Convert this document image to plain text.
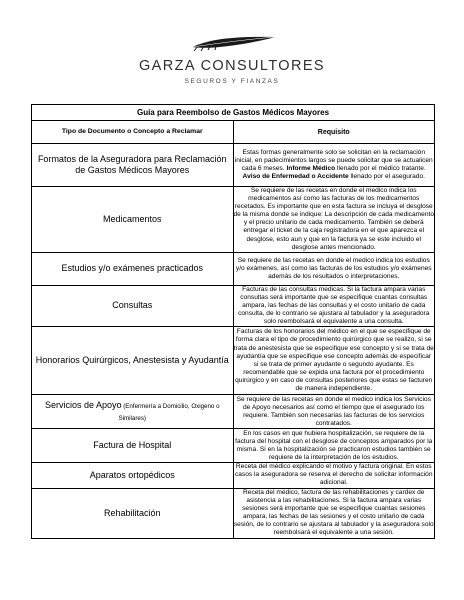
GARZA CONSULTORES
SEGUROS Y FIANZAS
Guía para Reembolso de Gastos Médicos Mayores	
Tipo de Documento o Concepto a Reclamar	Requisito
Formatos de la Aseguradora para Reclamación de Gastos Médicos Mayores	Estas formas generalmente solo se solicitan en la reclamación inicial, en padecimientos largos se puede solicitar que se actualicen cada 6 meses. Informe Médico llenado por el médico tratante. Aviso de Enfermedad o Accidente llenado por el asegurado.
Medicamentos	Se requiere de las recetas en donde el medico indica los medicamentos así como las facturas de los medicamentos recetados. Es importante que en esta factura se incluya el desglose de la misma donde se indique: La descripción de cada medicamento y el precio unitario de cada medicamento. También se deberá entregar el ticket de la caja registradora en el que aparezca el desglose, esto aun y que en la factura ya se este incluido el desglose antes mencionado.
Estudios y/o exámenes practicados	Se requiere de las recetas en donde el medico indica los estudios y/o exámenes, así como las facturas de los estudios y/o exámenes además de los resultados o interpretaciones.
Consultas	Facturas de las consultas medicas. Si la factura ampara varias consultas será importante que se especifique cuantas consultas ampara, las fechas de las consultas y el costo unitario de cada consulta, de lo contrario se ajustara al tabulador y la aseguradora solo reembolsará el equivalente a una consulta.
Honorarios Quirúrgicos, Anestesista y Ayudantía	Facturas de los honorarios del médico en el que se especifique de forma clara el tipo de procedimiento quirúrgico que se realizo, si se trata de anestesista que se especifique ese concepto y si se trata de ayudantía que se especifique ese concepto además de especificar si se trata de primer ayudante o segundo ayudante. Es recomendable que se expida una factura por el procedimiento quirúrgico y en caso de consultas posteriores que estas se facturen de manera independiente.
Servicios de Apoyo (Enfermería a Domicilio, Oxigeno o Similares)	Se requiere de las recetas en donde el medico indica los Servicios de Apoyo necesarios así como el tiempo que el asegurado los requiere. También son necesarias las facturas de los servicios contratados.
Factura de Hospital	En los casos en que hubiera hospitalización, se requiere de la factura del hospital con el desglose de conceptos amparados por la misma. Si en la hospitalización se practicaron estudios también se requiere de la interpretación de los estudios.
Aparatos ortopédicos	Receta del médico explicando el motivo y factura original. En estos casos la aseguradora se reserva el derecho de solicitar información adicional.
Rehabilitación	Receta del médico, factura de las rehabilitaciones y cardex de asistencia a las rehabilitaciones. Si la factura ampara varias sesiones será importante que se especifique cuantas sesiones ampara, las fechas de las sesiones y el costo unitario de cada sesión, de lo contrario se ajustara al tabulador y la aseguradora solo reembolsará el equivalente a una sesión.
